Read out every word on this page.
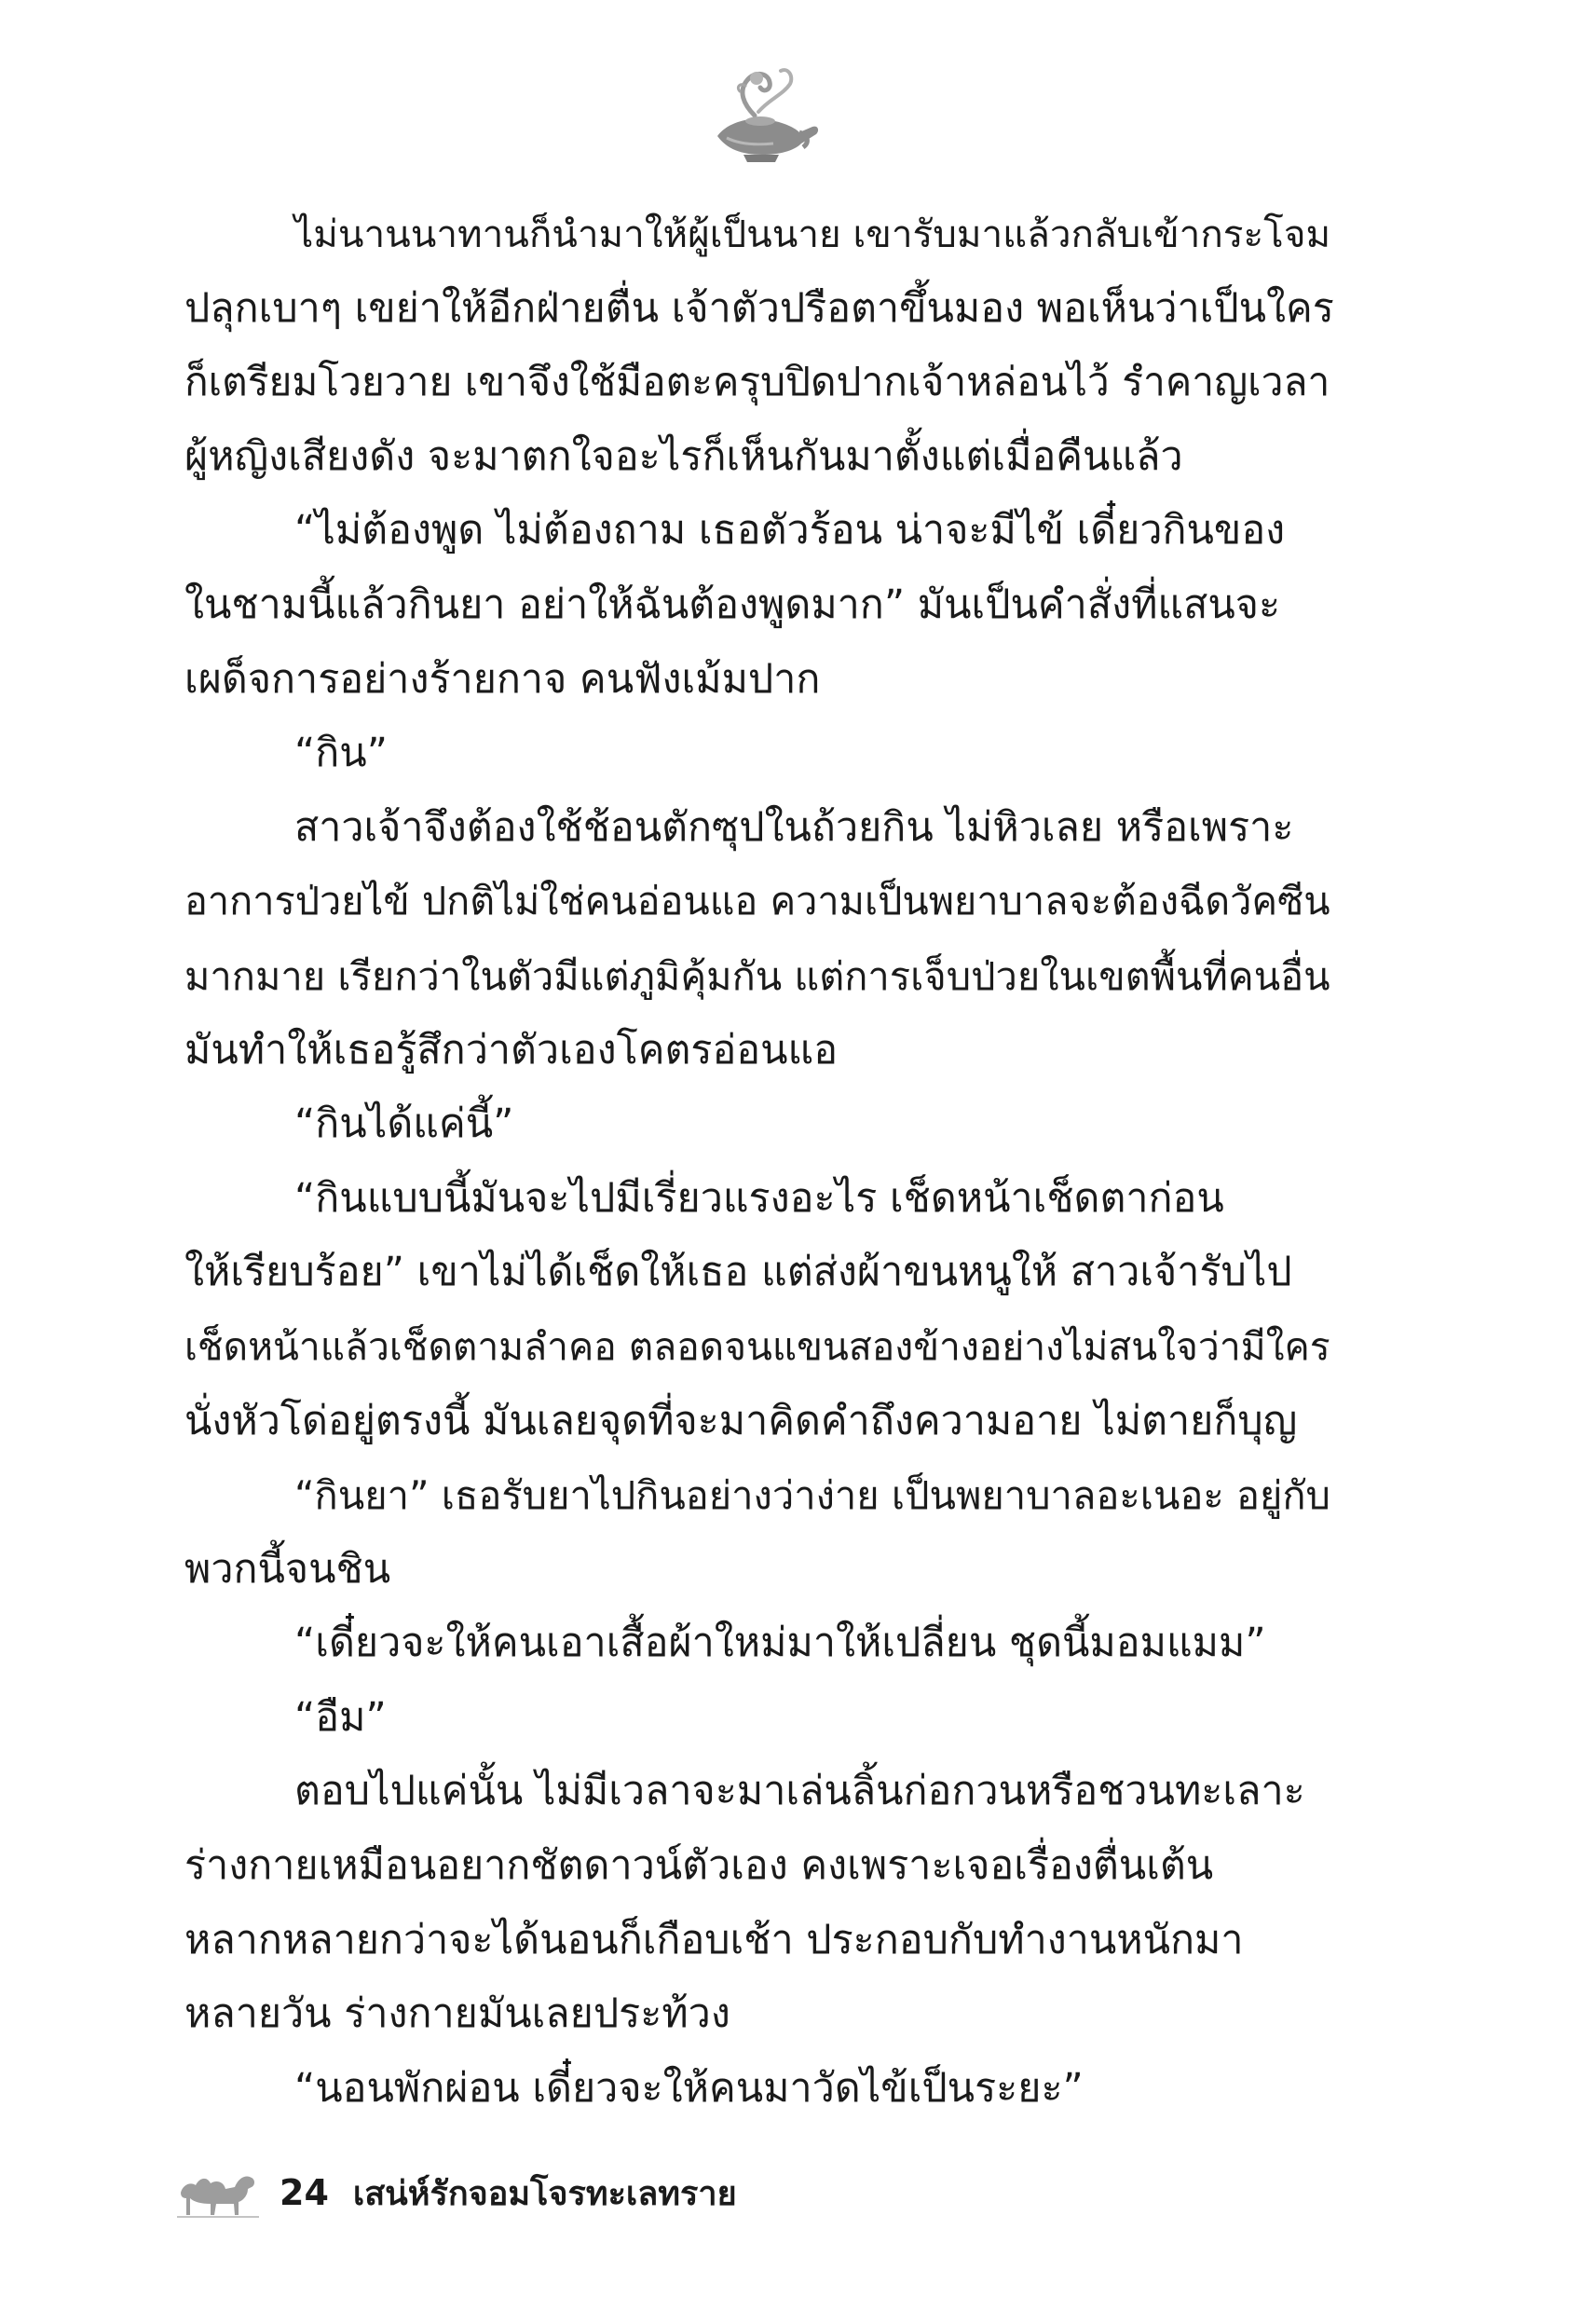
ไม่นานนาทานก็นำมาให้ผู้เป็นนาย เขารับมาแล้วกลับเข้ากระโจม
ปลุกเบาๆ เขย่าให้อีกฝ่ายตื่น เจ้าตัวปรือตาขึ้นมอง พอเห็นว่าเป็นใคร
ก็เตรียมโวยวาย เขาจึงใช้มือตะครุบปิดปากเจ้าหล่อนไว้ รำคาญเวลา
ผู้หญิงเสียงดัง จะมาตกใจอะไรก็เห็นกันมาตั้งแต่เมื่อคืนแล้ว
“ไม่ต้องพูด ไม่ต้องถาม เธอตัวร้อน น่าจะมีไข้ เดี๋ยวกินของ
ในชามนี้แล้วกินยา อย่าให้ฉันต้องพูดมาก” มันเป็นคำสั่งที่แสนจะ
เผด็จการอย่างร้ายกาจ คนฟังเม้มปาก
“กิน”
สาวเจ้าจึงต้องใช้ช้อนตักซุปในถ้วยกิน ไม่หิวเลย หรือเพราะ
อาการป่วยไข้ ปกติไม่ใช่คนอ่อนแอ ความเป็นพยาบาลจะต้องฉีดวัคซีน
มากมาย เรียกว่าในตัวมีแต่ภูมิคุ้มกัน แต่การเจ็บป่วยในเขตพื้นที่คนอื่น
มันทำให้เธอรู้สึกว่าตัวเองโคตรอ่อนแอ
“กินได้แค่นี้”
“กินแบบนี้มันจะไปมีเรี่ยวแรงอะไร เช็ดหน้าเช็ดตาก่อน
ให้เรียบร้อย” เขาไม่ได้เช็ดให้เธอ แต่ส่งผ้าขนหนูให้ สาวเจ้ารับไป
เช็ดหน้าแล้วเช็ดตามลำคอ ตลอดจนแขนสองข้างอย่างไม่สนใจว่ามีใคร
นั่งหัวโด่อยู่ตรงนี้ มันเลยจุดที่จะมาคิดคำถึงความอาย ไม่ตายก็บุญ
“กินยา” เธอรับยาไปกินอย่างว่าง่าย เป็นพยาบาลอะเนอะ อยู่กับ
พวกนี้จนชิน
“เดี๋ยวจะให้คนเอาเสื้อผ้าใหม่มาให้เปลี่ยน ชุดนี้มอมแมม”
“อืม”
ตอบไปแค่นั้น ไม่มีเวลาจะมาเล่นลิ้นก่อกวนหรือชวนทะเลาะ
ร่างกายเหมือนอยากชัตดาวน์ตัวเอง คงเพราะเจอเรื่องตื่นเต้น
หลากหลายกว่าจะได้นอนก็เกือบเช้า ประกอบกับทำงานหนักมา
หลายวัน ร่างกายมันเลยประท้วง
“นอนพักผ่อน เดี๋ยวจะให้คนมาวัดไข้เป็นระยะ”
24 เสน่ห์รักจอมโจรทะเลทราย
